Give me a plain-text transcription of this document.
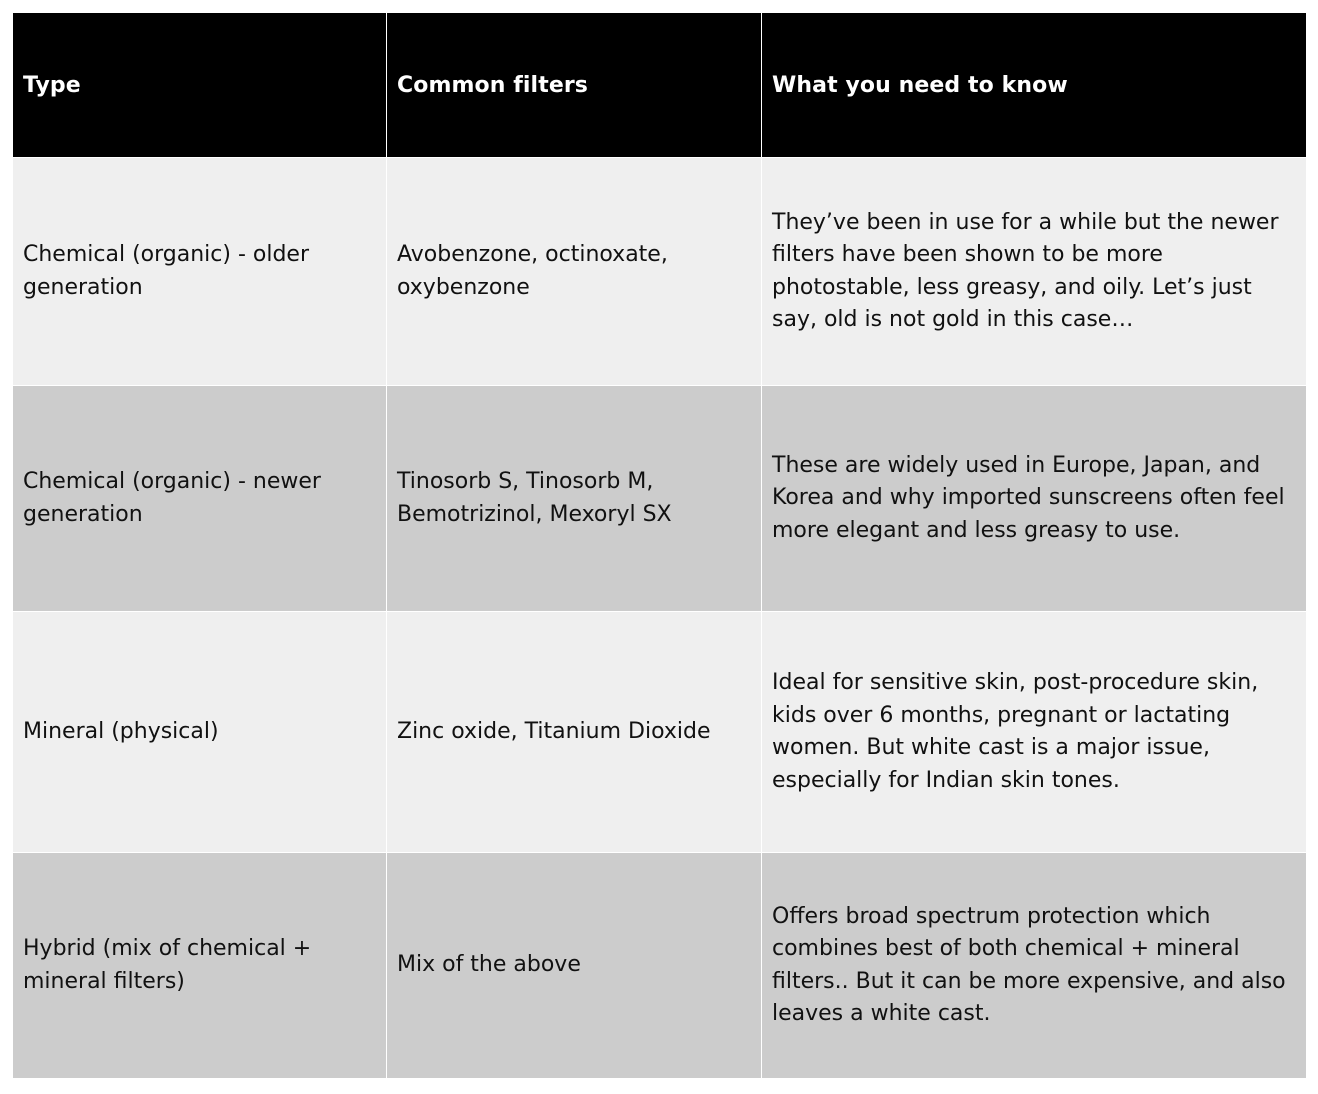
Type	Common filters	What you need to know
Chemical (organic) - older generation	Avobenzone, octinoxate, oxybenzone	They’ve been in use for a while but the newer filters have been shown to be more photostable, less greasy, and oily. Let’s just say, old is not gold in this case…
Chemical (organic) - newer generation	Tinosorb S, Tinosorb M, Bemotrizinol, Mexoryl SX	These are widely used in Europe, Japan, and Korea and why imported sunscreens often feel more elegant and less greasy to use.
Mineral (physical)	Zinc oxide, Titanium Dioxide	Ideal for sensitive skin, post-procedure skin, kids over 6 months, pregnant or lactating women. But white cast is a major issue, especially for Indian skin tones.
Hybrid (mix of chemical + mineral filters)	Mix of the above	Offers broad spectrum protection which combines best of both chemical + mineral filters.. But it can be more expensive, and also leaves a white cast.
